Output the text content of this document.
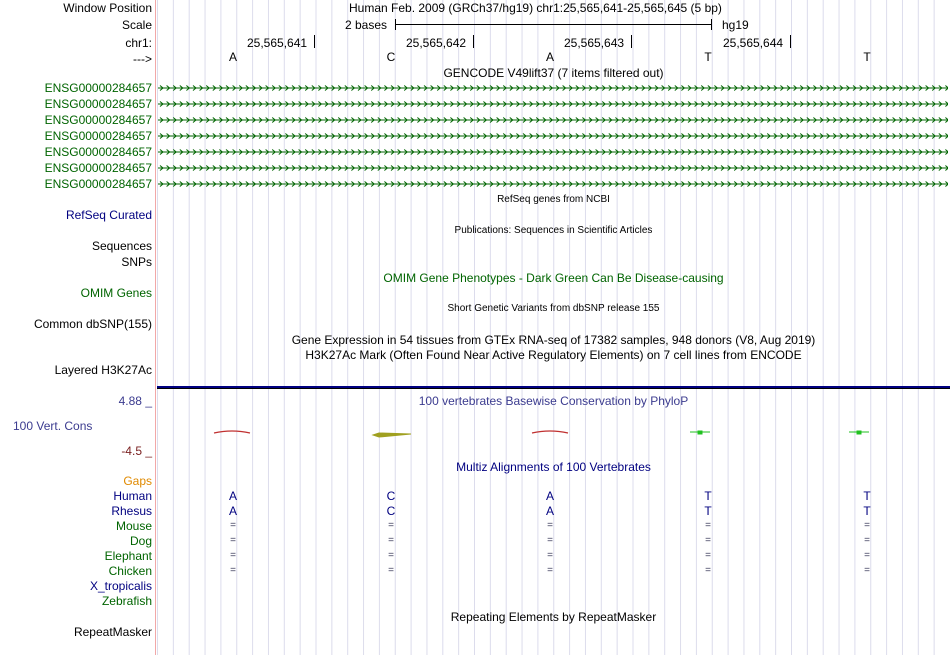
Window Position	Human Feb. 2009 (GRCh37/hg19) chr1:25,565,641-25,565,645 (5 bp)
Scale	2 bases	hg19
chr1:	25,565,641	25,565,642	25,565,643	25,565,644
--->	A	C	A	T	T
GENCODE V49lift37 (7 items filtered out)
ENSG00000284657
ENSG00000284657
ENSG00000284657
ENSG00000284657
ENSG00000284657
ENSG00000284657
ENSG00000284657
RefSeq Curated
RefSeq genes from NCBI
Publications: Sequences in Scientific Articles
Sequences
SNPs
OMIM Gene Phenotypes - Dark Green Can Be Disease-causing
OMIM Genes
Short Genetic Variants from dbSNP release 155
Common dbSNP(155)
Gene Expression in 54 tissues from GTEx RNA-seq of 17382 samples, 948 donors (V8, Aug 2019)
H3K27Ac Mark (Often Found Near Active Regulatory Elements) on 7 cell lines from ENCODE
Layered H3K27Ac
4.88 _	100 vertebrates Basewise Conservation by PhyloP
100 Vert. Cons
-4.5 _
Multiz Alignments of 100 Vertebrates
Gaps
Human	A	C	A	T	T
Rhesus	A	C	A	T	T
Mouse	=	=	=	=	=
Dog	=	=	=	=	=
Elephant	=	=	=	=	=
Chicken	=	=	=	=	=
X_tropicalis
Zebrafish
Repeating Elements by RepeatMasker
RepeatMasker
